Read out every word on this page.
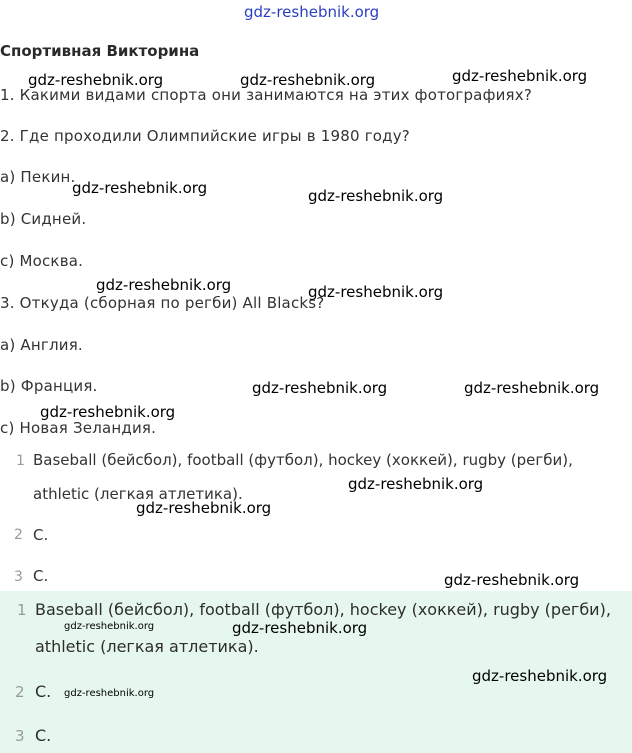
gdz-reshebnik.org
Спортивная Викторина
1. Какими видами спорта они занимаются на этих фотографиях?
2. Где проходили Олимпийские игры в 1980 году?
а) Пекин.
b) Сидней.
с) Москва.
3. Откуда (сборная по регби) All Blacks?
а) Англия.
b) Франция.
с) Новая Зеландия.
1 Baseball (бейсбол), football (футбол), hockey (хоккей), rugby (регби),
athletic (легкая атлетика).
2 C.
3 C.
1 Baseball (бейсбол), football (футбол), hockey (хоккей), rugby (регби),
athletic (легкая атлетика).
2 C.
3 C.
gdz-reshebnik.org	gdz-reshebnik.org	gdz-reshebnik.org
gdz-reshebnik.org	gdz-reshebnik.org
gdz-reshebnik.org	gdz-reshebnik.org
gdz-reshebnik.org	gdz-reshebnik.org
gdz-reshebnik.org
gdz-reshebnik.org
gdz-reshebnik.org
gdz-reshebnik.org
gdz-reshebnik.org	gdz-reshebnik.org
gdz-reshebnik.org
gdz-reshebnik.org
